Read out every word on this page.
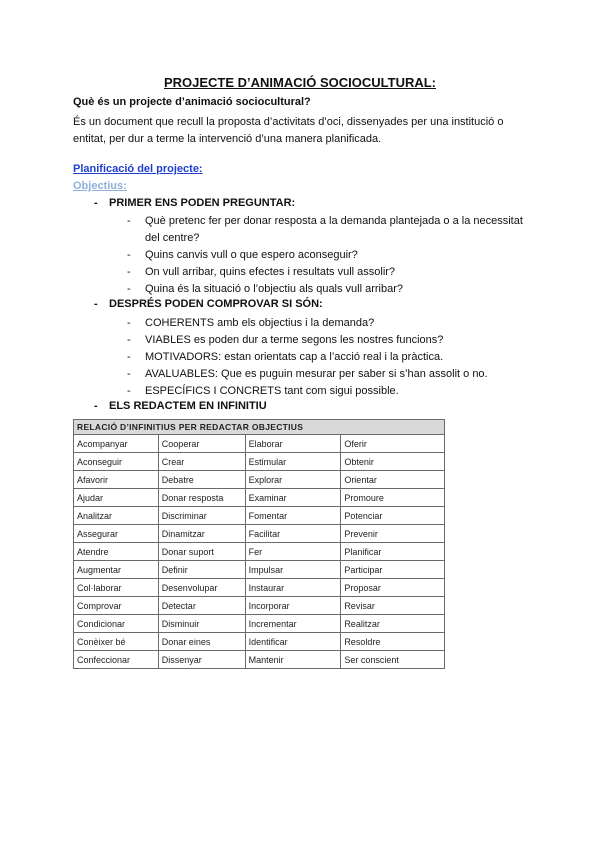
PROJECTE D’ANIMACIÓ SOCIOCULTURAL:
Què és un projecte d’animació sociocultural?
És un document que recull la proposta d’activitats d’oci, dissenyades per una institució o entitat, per dur a terme la intervenció d’una manera planificada.
Planificació del projecte:
Objectius:
- PRIMER ENS PODEN PREGUNTAR:
- Què pretenc fer per donar resposta a la demanda plantejada o a la necessitat del centre?
- Quins canvis vull o que espero aconseguir?
- On vull arribar, quins efectes i resultats vull assolir?
- Quina és la situació o l’objectiu als quals vull arribar?
- DESPRÉS PODEN COMPROVAR SI SÓN:
- COHERENTS amb els objectius i la demanda?
- VIABLES es poden dur a terme segons les nostres funcions?
- MOTIVADORS: estan orientats cap a l’acció real i la pràctica.
- AVALUABLES: Que es puguin mesurar per saber si s’han assolit o no.
- ESPECÍFICS I CONCRETS tant com sigui possible.
- ELS REDACTEM EN INFINITIU
RELACIÓ D’INFINITIUS PER REDACTAR OBJECTIUS			
Acompanyar	Cooperar	Elaborar	Oferir
Aconseguir	Crear	Estimular	Obtenir
Afavorir	Debatre	Explorar	Orientar
Ajudar	Donar resposta	Examinar	Promoure
Analitzar	Discriminar	Fomentar	Potenciar
Assegurar	Dinamitzar	Facilitar	Prevenir
Atendre	Donar suport	Fer	Planificar
Augmentar	Definir	Impulsar	Participar
Col·laborar	Desenvolupar	Instaurar	Proposar
Comprovar	Detectar	Incorporar	Revisar
Condicionar	Disminuir	Incrementar	Realitzar
Conèixer bé	Donar eines	Identificar	Resoldre
Confeccionar	Dissenyar	Mantenir	Ser conscient
